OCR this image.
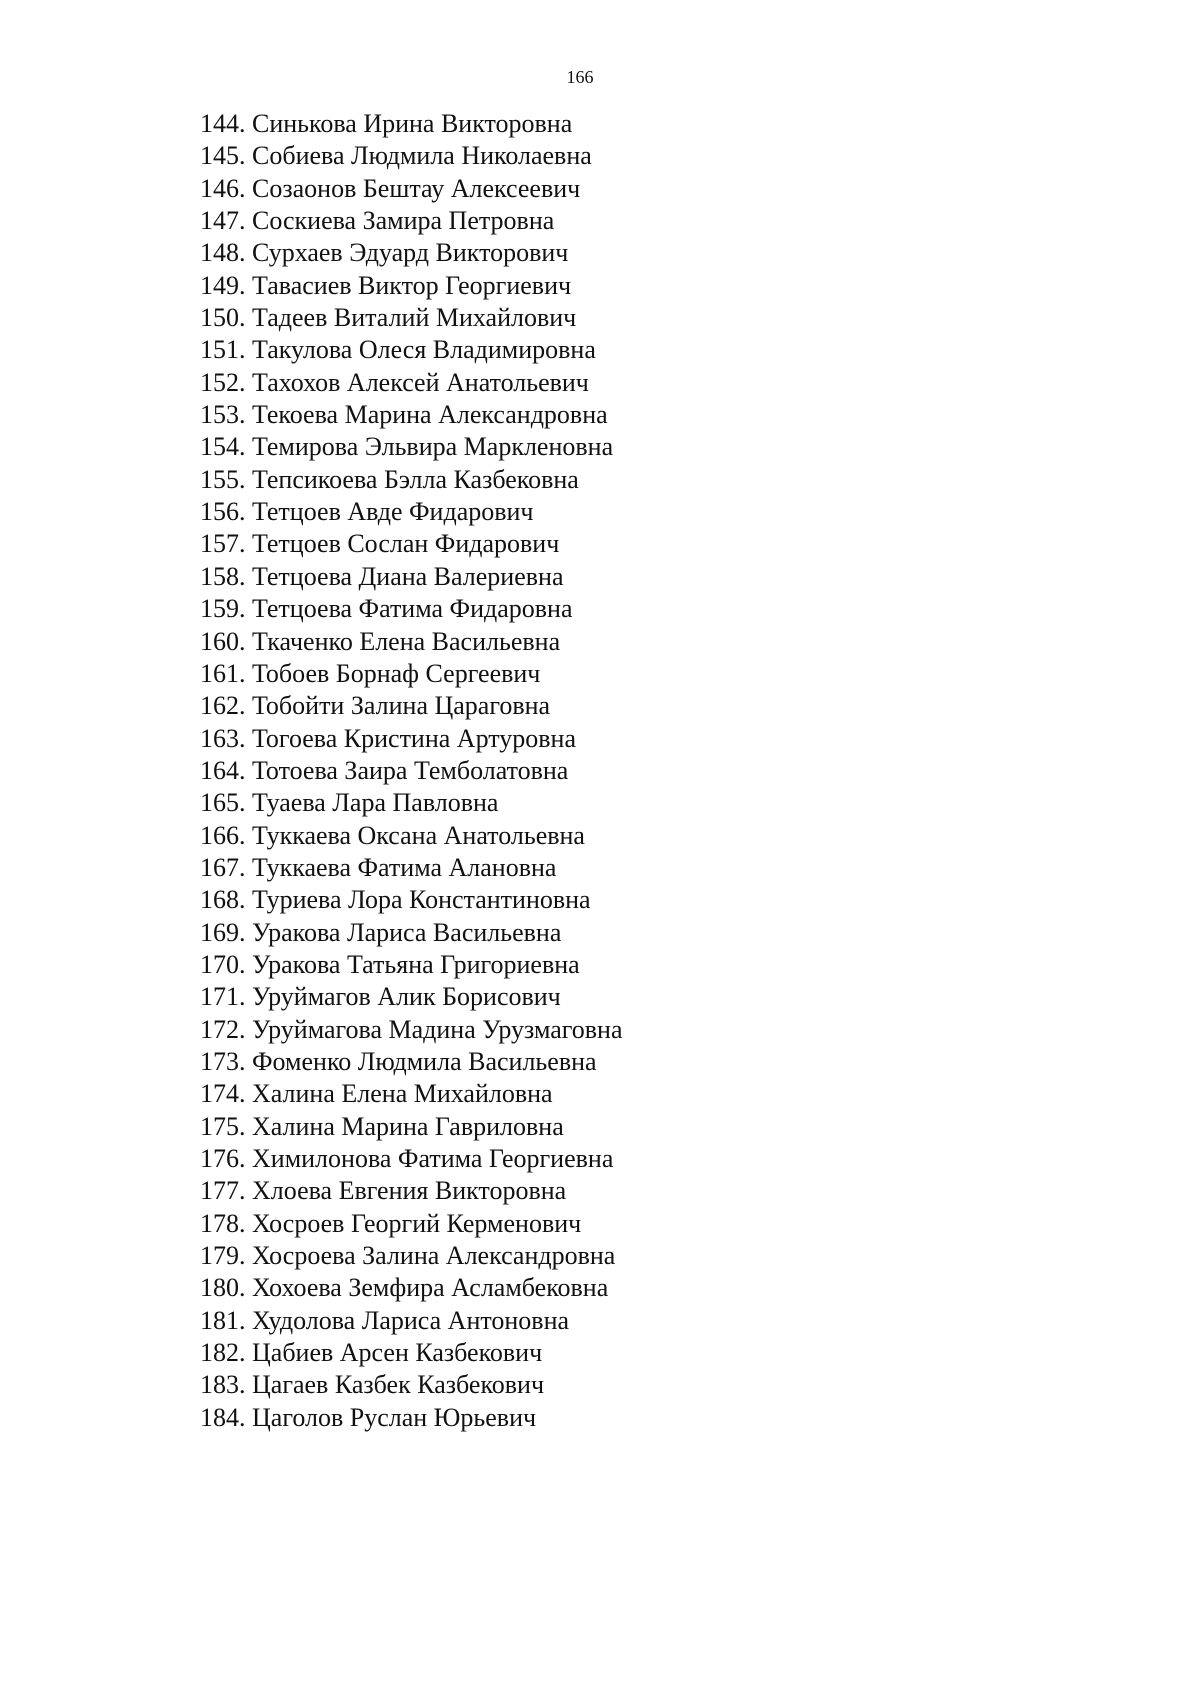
166
144. Синькова Ирина Викторовна
145. Собиева Людмила Николаевна
146. Созаонов Бештау Алексеевич
147. Соскиева Замира Петровна
148. Сурхаев Эдуард Викторович
149. Тавасиев Виктор Георгиевич
150. Тадеев Виталий Михайлович
151. Такулова Олеся Владимировна
152. Тахохов Алексей Анатольевич
153. Текоева Марина Александровна
154. Темирова Эльвира Маркленовна
155. Тепсикоева Бэлла Казбековна
156. Тетцоев Авде Фидарович
157. Тетцоев Сослан Фидарович
158. Тетцоева Диана Валериевна
159. Тетцоева Фатима Фидаровна
160. Ткаченко Елена Васильевна
161. Тобоев Борнаф Сергеевич
162. Тобойти Залина Цараговна
163. Тогоева Кристина Артуровна
164. Тотоева Заира Темболатовна
165. Туаева Лара Павловна
166. Туккаева Оксана Анатольевна
167. Туккаева Фатима Алановна
168. Туриева Лора Константиновна
169. Уракова Лариса Васильевна
170. Уракова Татьяна Григориевна
171. Уруймагов Алик Борисович
172. Уруймагова Мадина Урузмаговна
173. Фоменко Людмила Васильевна
174. Халина Елена Михайловна
175. Халина Марина Гавриловна
176. Химилонова Фатима Георгиевна
177. Хлоева Евгения Викторовна
178. Хосроев Георгий Керменович
179. Хосроева Залина Александровна
180. Хохоева Земфира Асламбековна
181. Худолова Лариса Антоновна
182. Цабиев Арсен Казбекович
183. Цагаев Казбек Казбекович
184. Цаголов Руслан Юрьевич
